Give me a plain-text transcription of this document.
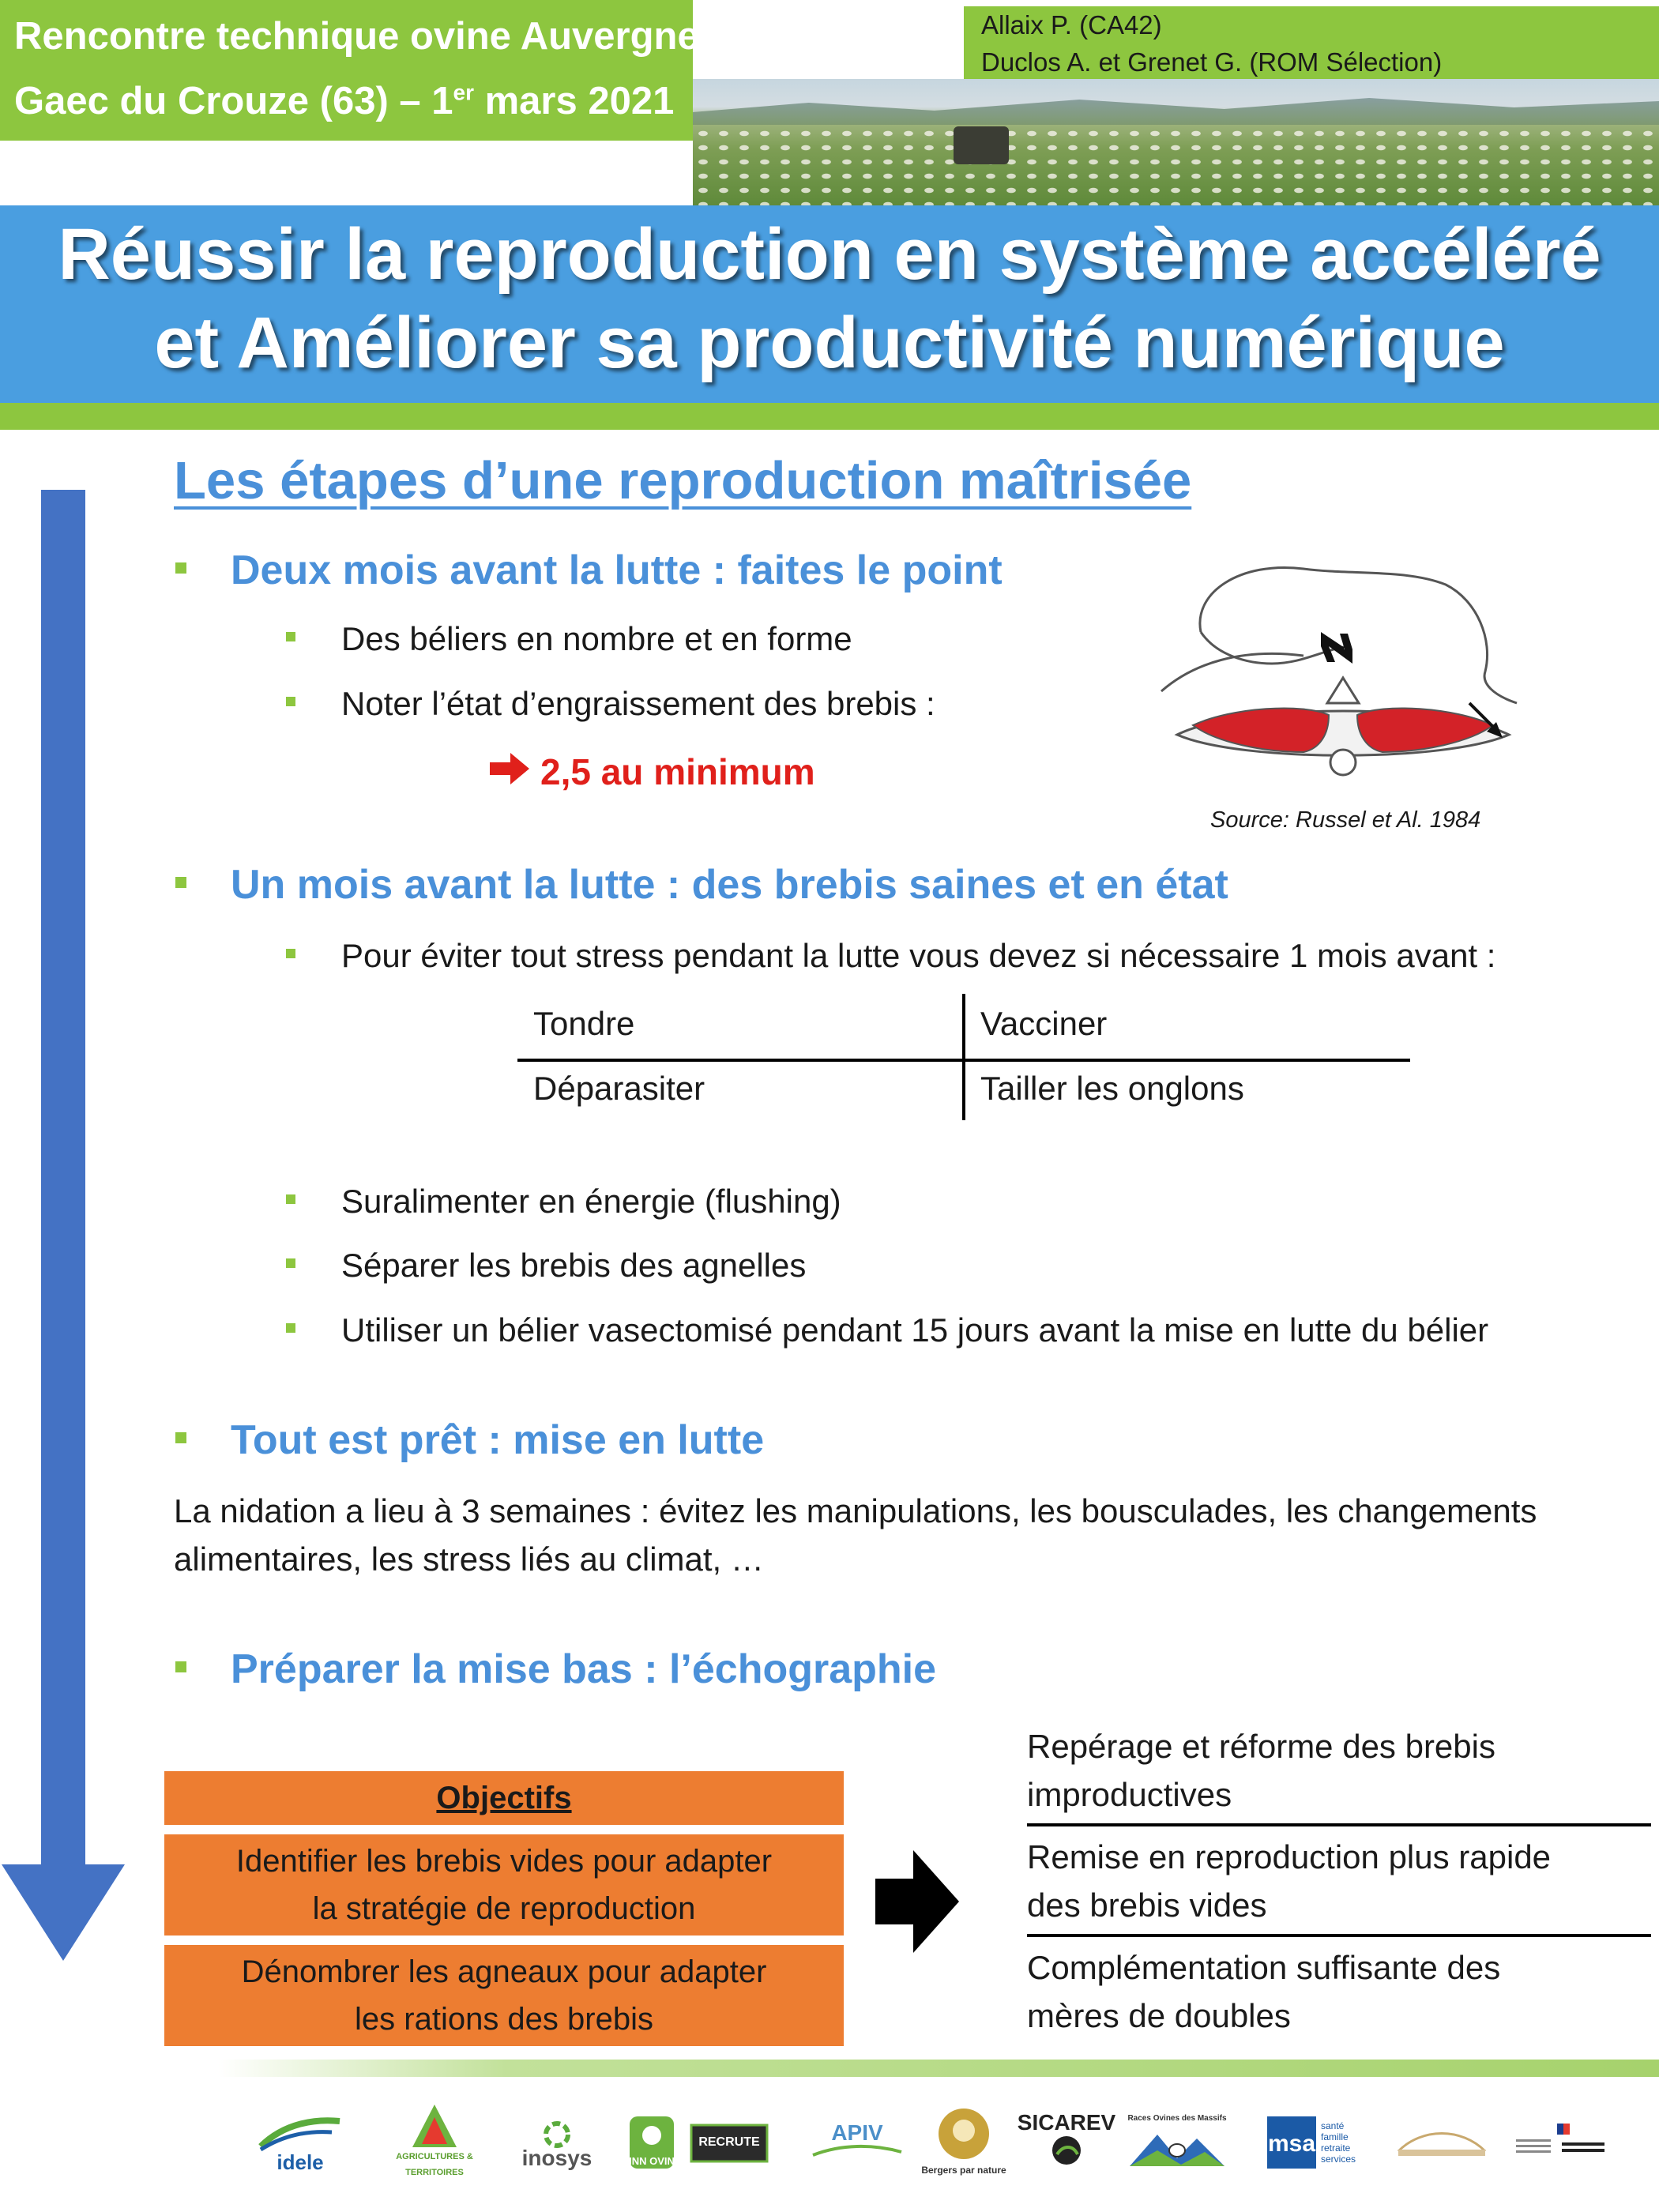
Rencontre technique ovine Auvergne-Rhône-Alpes
Gaec du Crouze (63) – 1er mars 2021
Allaix P. (CA42)
Duclos A. et Grenet G. (ROM Sélection)
Réussir la reproduction en système accéléré
et Améliorer sa productivité numérique
Les étapes d’une reproduction maîtrisée
Deux mois avant la lutte : faites le point
Des béliers en nombre et en forme
Noter l’état d’engraissement des brebis :
2,5 au minimum
Source: Russel et Al. 1984
Un mois avant la lutte : des brebis saines et en état
Pour éviter tout stress pendant la lutte vous devez si nécessaire 1 mois avant :
Tondre	Vacciner
Déparasiter	Tailler les onglons
Suralimenter en énergie (flushing)
Séparer les brebis des agnelles
Utiliser un bélier vasectomisé pendant 15 jours avant la mise en lutte du bélier
Tout est prêt : mise en lutte
La nidation a lieu à 3 semaines : évitez les manipulations, les bousculades, les changements alimentaires, les stress liés au climat, …
Préparer la mise bas : l’échographie
Objectifs
Identifier les brebis vides pour adapter
la stratégie de reproduction
Dénombrer les agneaux pour adapter
les rations des brebis
Repérage et réforme des brebis
improductives
Remise en reproduction plus rapide
des brebis vides
Complémentation suffisante des
mères de doubles
idele	AGRICULTURES & TERRITOIRES
inosys	INN OVIN
RECRUTE	APIV
Bergers par nature
SICAREV Races Ovines des Massifs
msa
santé
famille
retraite
services
